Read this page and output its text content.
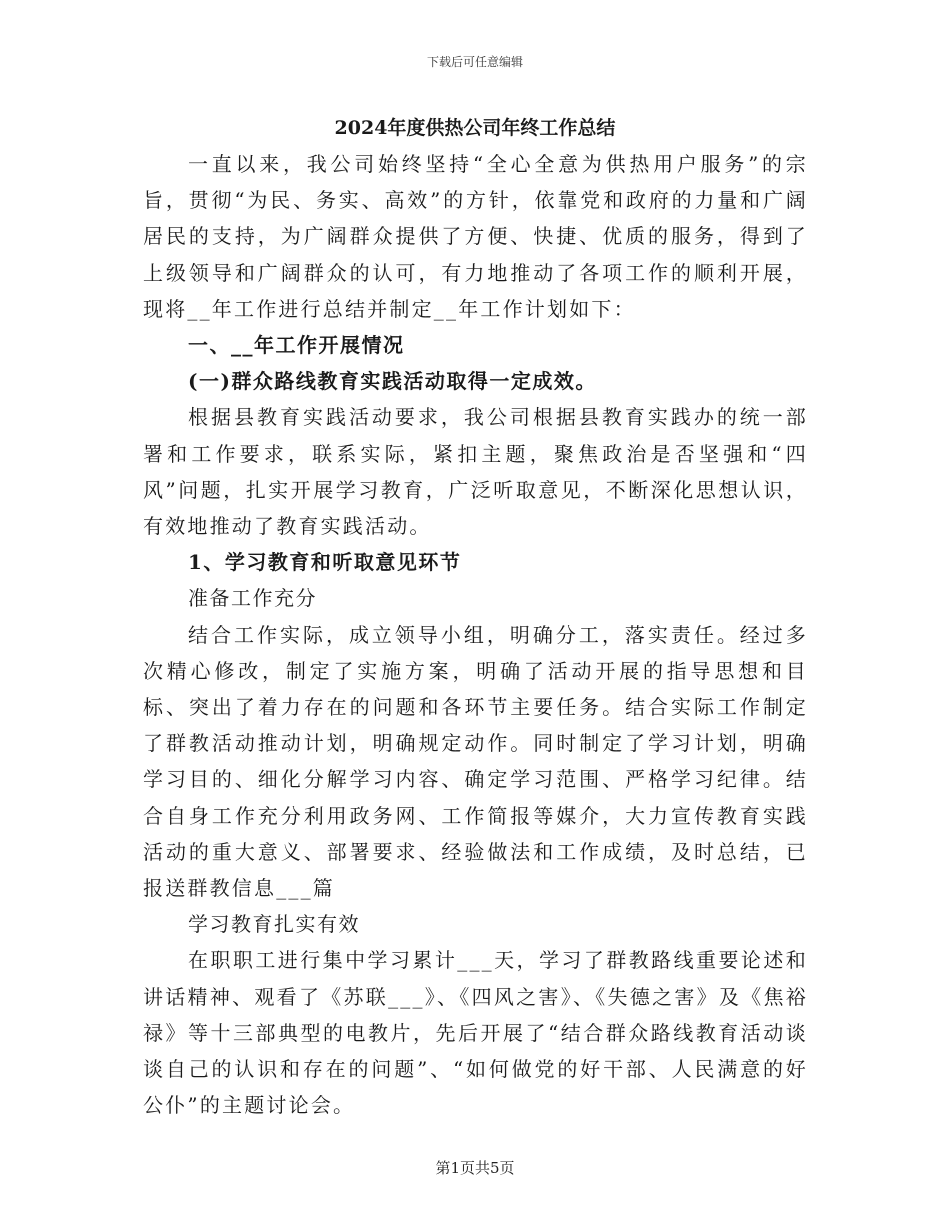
下载后可任意编辑
2024年度供热公司年终工作总结

一直以来，我公司始终坚持“全心全意为供热用户服务”的宗旨，贯彻“为民、务实、高效”的方针，依靠党和政府的力量和广阔居民的支持，为广阔群众提供了方便、快捷、优质的服务，得到了上级领导和广阔群众的认可，有力地推动了各项工作的顺利开展，现将__年工作进行总结并制定__年工作计划如下：

一、__年工作开展情况

(一)群众路线教育实践活动取得一定成效。

根据县教育实践活动要求，我公司根据县教育实践办的统一部署和工作要求，联系实际，紧扣主题，聚焦政治是否坚强和“四风”问题，扎实开展学习教育，广泛听取意见，不断深化思想认识，有效地推动了教育实践活动。

1、学习教育和听取意见环节

准备工作充分

结合工作实际，成立领导小组，明确分工，落实责任。经过多次精心修改，制定了实施方案，明确了活动开展的指导思想和目标、突出了着力存在的问题和各环节主要任务。结合实际工作制定了群教活动推动计划，明确规定动作。同时制定了学习计划，明确学习目的、细化分解学习内容、确定学习范围、严格学习纪律。结合自身工作充分利用政务网、工作简报等媒介，大力宣传教育实践活动的重大意义、部署要求、经验做法和工作成绩，及时总结，已报送群教信息___篇

学习教育扎实有效

在职职工进行集中学习累计___天，学习了群教路线重要论述和讲话精神、观看了《苏联___》、《四风之害》、《失德之害》及《焦裕禄》等十三部典型的电教片，先后开展了“结合群众路线教育活动谈谈自己的认识和存在的问题”、“如何做党的好干部、人民满意的好公仆”的主题讨论会。

第1页共5页
